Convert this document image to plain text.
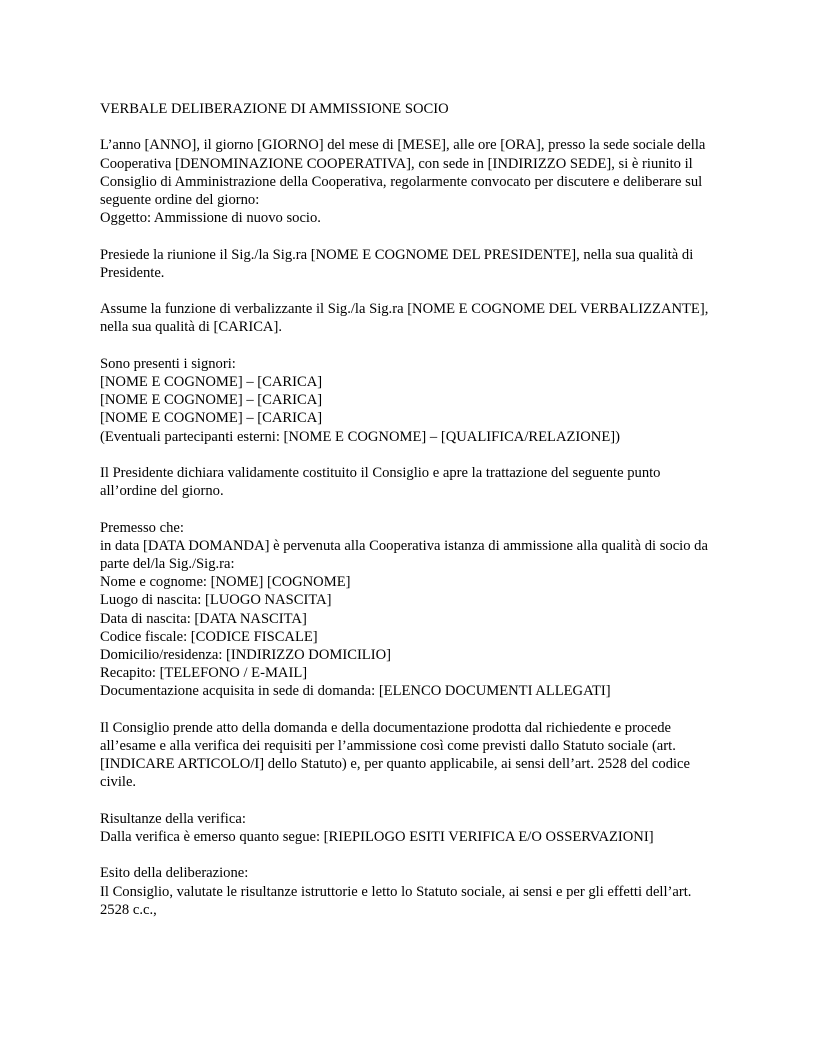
VERBALE DELIBERAZIONE DI AMMISSIONE SOCIO

L’anno [ANNO], il giorno [GIORNO] del mese di [MESE], alle ore [ORA], presso la sede sociale della Cooperativa [DENOMINAZIONE COOPERATIVA], con sede in [INDIRIZZO SEDE], si è riunito il Consiglio di Amministrazione della Cooperativa, regolarmente convocato per discutere e deliberare sul seguente ordine del giorno:

Oggetto: Ammissione di nuovo socio.

Presiede la riunione il Sig./la Sig.ra [NOME E COGNOME DEL PRESIDENTE], nella sua qualità di Presidente.

Assume la funzione di verbalizzante il Sig./la Sig.ra [NOME E COGNOME DEL VERBALIZZANTE], nella sua qualità di [CARICA].

Sono presenti i signori:

[NOME E COGNOME] – [CARICA]
[NOME E COGNOME] – [CARICA]
[NOME E COGNOME] – [CARICA]

(Eventuali partecipanti esterni: [NOME E COGNOME] – [QUALIFICA/RELAZIONE])

Il Presidente dichiara validamente costituito il Consiglio e apre la trattazione del seguente punto all’ordine del giorno.

Premesso che:

in data [DATA DOMANDA] è pervenuta alla Cooperativa istanza di ammissione alla qualità di socio da parte del/la Sig./Sig.ra:

Nome e cognome: [NOME] [COGNOME]
Luogo di nascita: [LUOGO NASCITA]
Data di nascita: [DATA NASCITA]
Codice fiscale: [CODICE FISCALE]
Domicilio/residenza: [INDIRIZZO DOMICILIO]
Recapito: [TELEFONO / E-MAIL]
Documentazione acquisita in sede di domanda: [ELENCO DOCUMENTI ALLEGATI]

Il Consiglio prende atto della domanda e della documentazione prodotta dal richiedente e procede all’esame e alla verifica dei requisiti per l’ammissione così come previsti dallo Statuto sociale (art. [INDICARE ARTICOLO/I] dello Statuto) e, per quanto applicabile, ai sensi dell’art. 2528 del codice civile.

Risultanze della verifica:

Dalla verifica è emerso quanto segue: [RIEPILOGO ESITI VERIFICA E/O OSSERVAZIONI]

Esito della deliberazione:

Il Consiglio, valutate le risultanze istruttorie e letto lo Statuto sociale, ai sensi e per gli effetti dell’art. 2528 c.c.,
